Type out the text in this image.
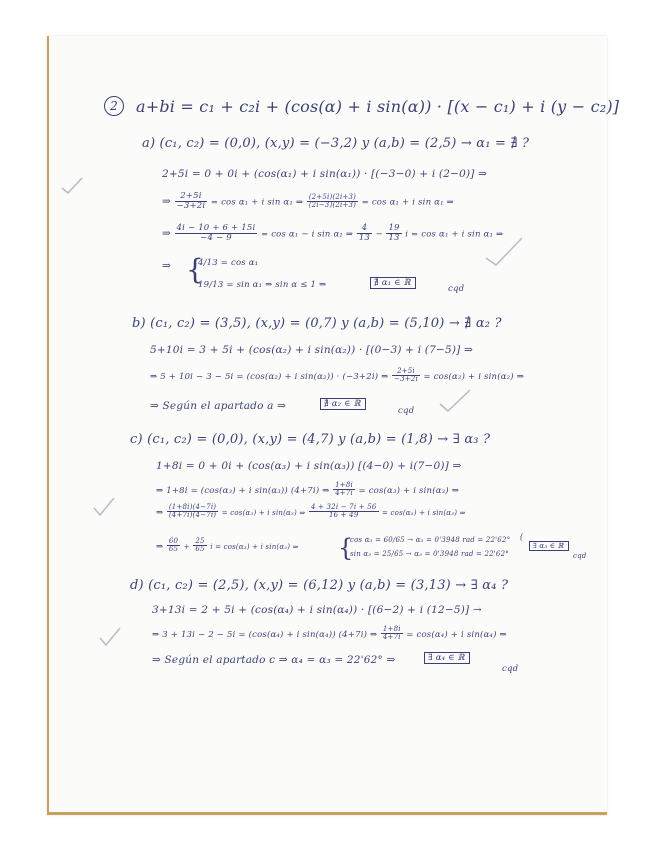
2	a+bi = c₁ + c₂i + (cos(α) + i sin(α)) · [(x − c₁) + i (y − c₂)]
a) (c₁, c₂) = (0,0), (x,y) = (−3,2) y (a,b) = (2,5) → α₁ = ∄ ?
2+5i = 0 + 0i + (cos(α₁) + i sin(α₁)) · [(−3−0) + i (2−0)] ⇒
⇒ $\frac{2+5i}{-3+2i} = \cos \alpha_1 + i$ sin α₁ ⇒ $\frac{(2+5i)(2i+3)}{(2i-3)(2i+3)} = \cos \alpha_1 + i$ sin α₁ ⇒
⇒ $\frac{4i - 10 + 6 + 15i}{-4 - 9} = \cos \alpha_1 - i$ sin α₁ ⇒ $\frac{4}{13} - \frac{19}{13}$ i = cos α₁ + i sin α₁ ⇒
⇒ {
4/13 = cos α₁
19/13 = sin α₁ ⇒ sin α ≤ 1 ⇒	∄ α₁ ∈ ℝ
cqd
b) (c₁, c₂) = (3,5), (x,y) = (0,7) y (a,b) = (5,10) → ∄ α₂ ?
5+10i = 3 + 5i + (cos(α₂) + i sin(α₂)) · [(0−3) + i (7−5)] ⇒
⇒ 5 + 10i − 3 − 5i = (cos(α₂) + i sin(α₂)) · (−3+2i) ⇒ $\frac{2+5i}{-3+2i} = \cos(\alpha_2) + i$ sin(α₂) ⇒
⇒ Según el apartado a ⇒	∄ α₂ ∈ ℝ
cqd
c) (c₁, c₂) = (0,0), (x,y) = (4,7) y (a,b) = (1,8) → ∃ α₃ ?
1+8i = 0 + 0i + (cos(α₃) + i sin(α₃)) [(4−0) + i(7−0)] ⇒
⇒ 1+8i = (cos(α₃) + i sin(α₃)) (4+7i) ⇒ $\frac{1+8i}{4+7i} = \cos(\alpha_3) + i$ sin(α₃) ⇒
⇒ $\frac{(1+8i)(4-7i)}{(4+7i)(4-7i)} = \cos(\alpha_3) + i$ sin(α₃) ⇒ $\frac{4 + 32i - 7i + 56}{16 + 49} = \cos(\alpha_3) + i$ sin(α₃) ⇒
⇒ $\frac{60}{65} + \frac{25}{65}$ i = cos(α₃) + i sin(α₃) ⇒ {
cos α₃ = 60/65 → α₃ = 0'3948 rad = 22'62°
sin α₃ = 25/65 → α₃ = 0'3948 rad = 22'62°
{
∃ α₃ ∈ ℝ
cqd
d) (c₁, c₂) = (2,5), (x,y) = (6,12) y (a,b) = (3,13) → ∃ α₄ ?
3+13i = 2 + 5i + (cos(α₄) + i sin(α₄)) · [(6−2) + i (12−5)] →
⇒ 3 + 13i − 2 − 5i = (cos(α₄) + i sin(α₄)) (4+7i) ⇒ $\frac{1+8i}{4+7i} = \cos(\alpha_4) + i$ sin(α₄) ⇒
⇒ Según el apartado c ⇒ α₄ = α₃ = 22'62° ⇒	∃ α₄ ∈ ℝ
cqd
